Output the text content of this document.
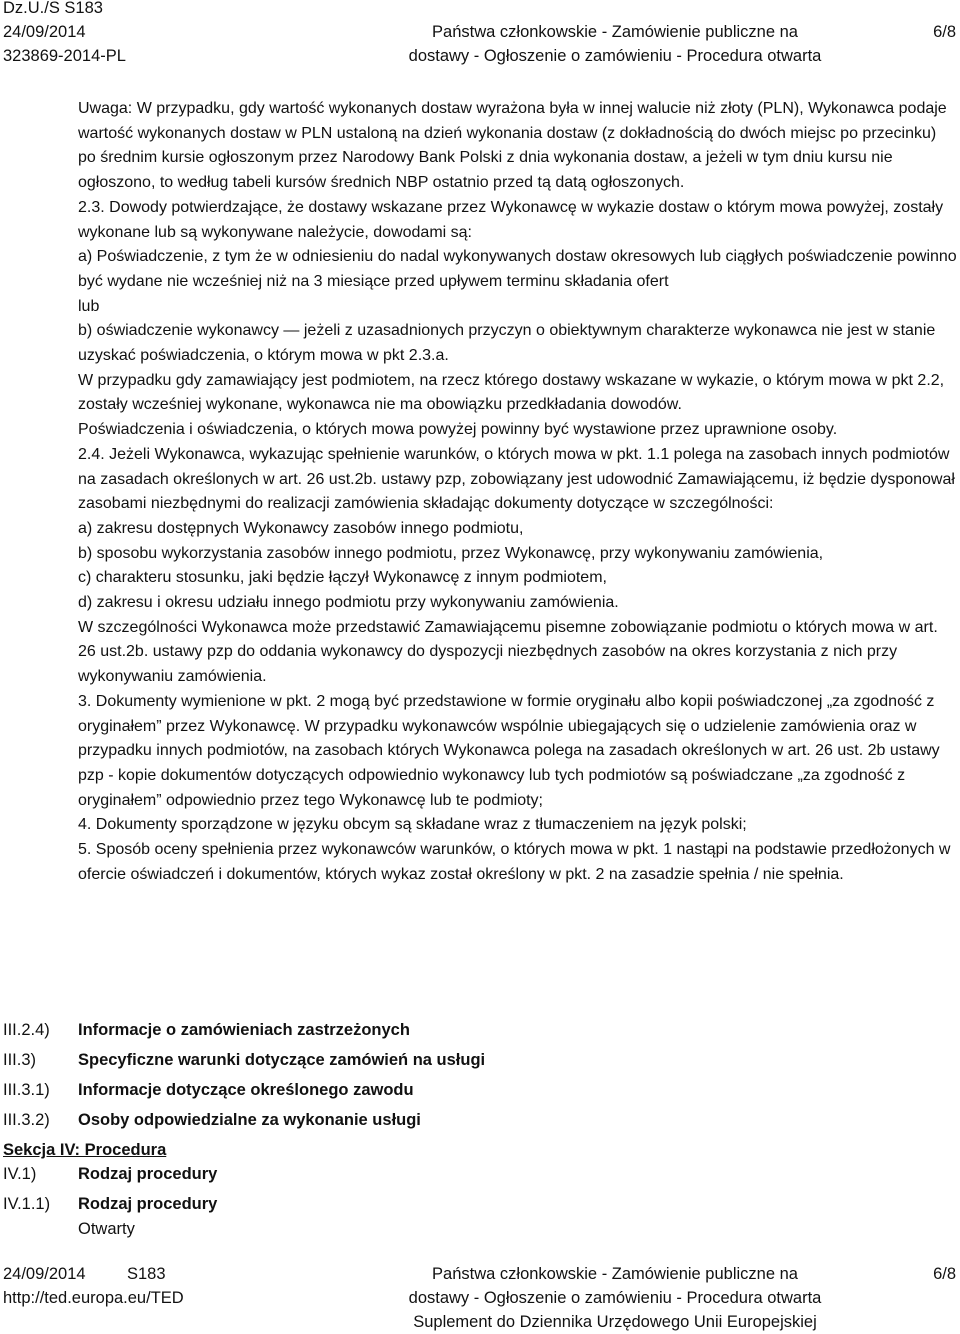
Dz.U./S S183
24/09/2014
323869-2014-PL
Państwa członkowskie - Zamówienie publiczne na
dostawy - Ogłoszenie o zamówieniu - Procedura otwarta
6/8

Uwaga: W przypadku, gdy wartość wykonanych dostaw wyrażona była w innej walucie niż złoty (PLN), Wykonawca podaje wartość wykonanych dostaw w PLN ustaloną na dzień wykonania dostaw (z dokładnością do dwóch miejsc po przecinku) po średnim kursie ogłoszonym przez Narodowy Bank Polski z dnia wykonania dostaw, a jeżeli w tym dniu kursu nie ogłoszono, to według tabeli kursów średnich NBP ostatnio przed tą datą ogłoszonych.

2.3. Dowody potwierdzające, że dostawy wskazane przez Wykonawcę w wykazie dostaw o którym mowa powyżej, zostały wykonane lub są wykonywane należycie, dowodami są:

a) Poświadczenie, z tym że w odniesieniu do nadal wykonywanych dostaw okresowych lub ciągłych poświadczenie powinno być wydane nie wcześniej niż na 3 miesiące przed upływem terminu składania ofert

lub

b) oświadczenie wykonawcy — jeżeli z uzasadnionych przyczyn o obiektywnym charakterze wykonawca nie jest w stanie uzyskać poświadczenia, o którym mowa w pkt 2.3.a.

W przypadku gdy zamawiający jest podmiotem, na rzecz którego dostawy wskazane w wykazie, o którym mowa w pkt 2.2, zostały wcześniej wykonane, wykonawca nie ma obowiązku przedkładania dowodów.

Poświadczenia i oświadczenia, o których mowa powyżej powinny być wystawione przez uprawnione osoby.

2.4. Jeżeli Wykonawca, wykazując spełnienie warunków, o których mowa w pkt. 1.1 polega na zasobach innych podmiotów na zasadach określonych w art. 26 ust.2b. ustawy pzp, zobowiązany jest udowodnić Zamawiającemu, iż będzie dysponował zasobami niezbędnymi do realizacji zamówienia składając dokumenty dotyczące w szczególności:

a) zakresu dostępnych Wykonawcy zasobów innego podmiotu,

b) sposobu wykorzystania zasobów innego podmiotu, przez Wykonawcę, przy wykonywaniu zamówienia,

c) charakteru stosunku, jaki będzie łączył Wykonawcę z innym podmiotem,

d) zakresu i okresu udziału innego podmiotu przy wykonywaniu zamówienia.

W szczególności Wykonawca może przedstawić Zamawiającemu pisemne zobowiązanie podmiotu o których mowa w art. 26 ust.2b. ustawy pzp do oddania wykonawcy do dyspozycji niezbędnych zasobów na okres korzystania z nich przy wykonywaniu zamówienia.

3. Dokumenty wymienione w pkt. 2 mogą być przedstawione w formie oryginału albo kopii poświadczonej „za zgodność z oryginałem” przez Wykonawcę. W przypadku wykonawców wspólnie ubiegających się o udzielenie zamówienia oraz w przypadku innych podmiotów, na zasobach których Wykonawca polega na zasadach określonych w art. 26 ust. 2b ustawy pzp - kopie dokumentów dotyczących odpowiednio wykonawcy lub tych podmiotów są poświadczane „za zgodność z oryginałem” odpowiednio przez tego Wykonawcę lub te podmioty;

4. Dokumenty sporządzone w języku obcym są składane wraz z tłumaczeniem na język polski;

5. Sposób oceny spełnienia przez wykonawców warunków, o których mowa w pkt. 1 nastąpi na podstawie przedłożonych w ofercie oświadczeń i dokumentów, których wykaz został określony w pkt. 2 na zasadzie spełnia / nie spełnia.

III.2.4)	Informacje o zamówieniach zastrzeżonych
III.3)	Specyficzne warunki dotyczące zamówień na usługi
III.3.1)	Informacje dotyczące określonego zawodu
III.3.2)	Osoby odpowiedzialne za wykonanie usługi
Sekcja IV: Procedura
IV.1)	Rodzaj procedury
IV.1.1)	Rodzaj procedury
Otwarty
24/09/2014	S183
http://ted.europa.eu/TED
Państwa członkowskie - Zamówienie publiczne na
dostawy - Ogłoszenie o zamówieniu - Procedura otwarta
Suplement do Dziennika Urzędowego Unii Europejskiej
6/8
